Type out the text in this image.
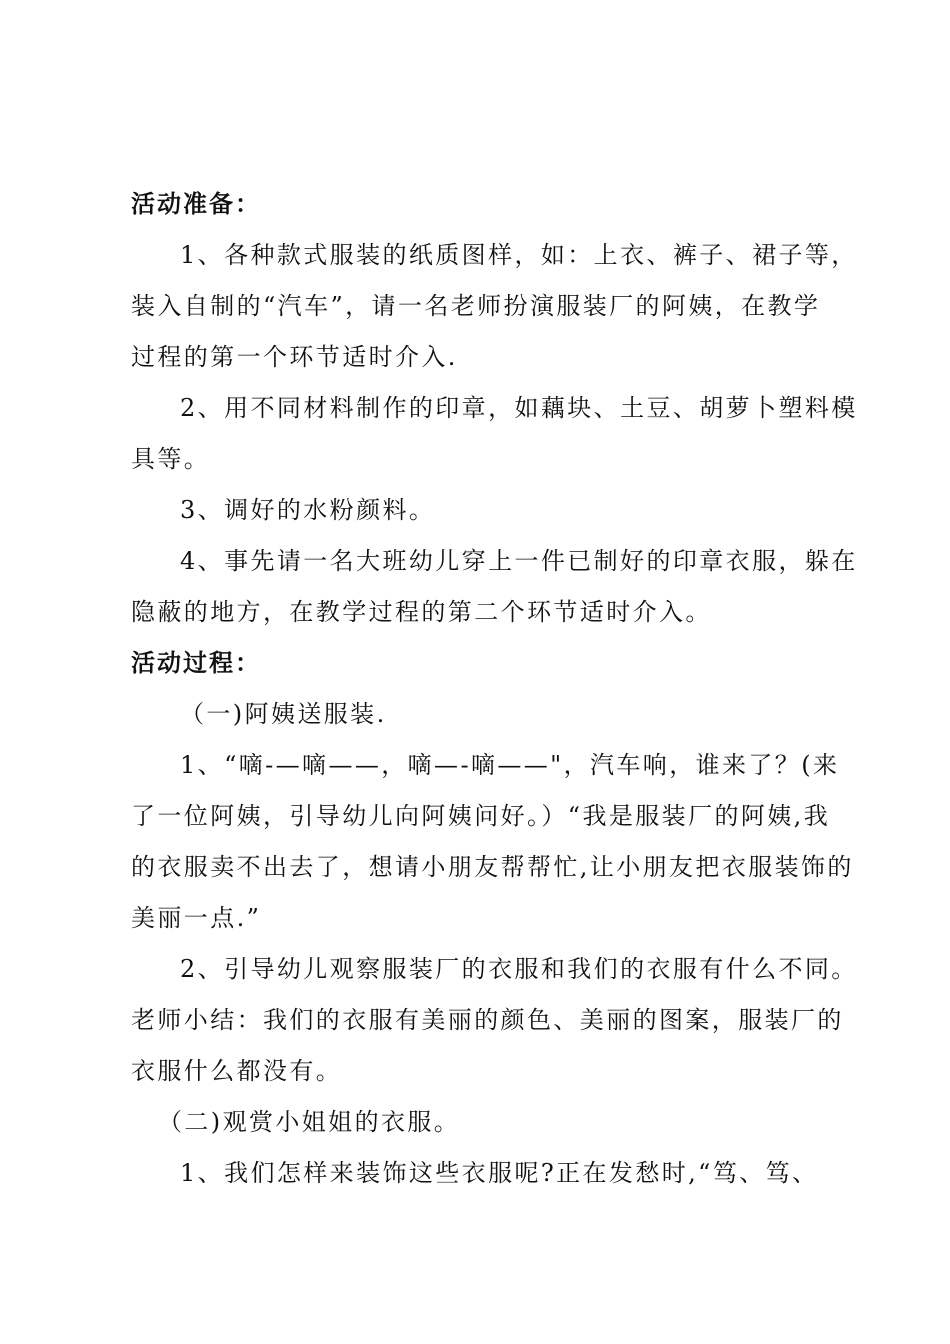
活动准备：
1、各种款式服装的纸质图样，如：上衣、裤子、裙子等，
装入自制的“汽车”，请一名老师扮演服装厂的阿姨，在教学
过程的第一个环节适时介入.
2、用不同材料制作的印章，如藕块、土豆、胡萝卜塑料模
具等。
3、调好的水粉颜料。
4、事先请一名大班幼儿穿上一件已制好的印章衣服，躲在
隐蔽的地方，在教学过程的第二个环节适时介入。
活动过程：
（一)阿姨送服装.
1、“嘀-—嘀——，嘀—-嘀——"，汽车响，谁来了？(来
了一位阿姨，引导幼儿向阿姨问好。）“我是服装厂的阿姨,我
的衣服卖不出去了，想请小朋友帮帮忙,让小朋友把衣服装饰的
美丽一点.”
2、引导幼儿观察服装厂的衣服和我们的衣服有什么不同。
老师小结：我们的衣服有美丽的颜色、美丽的图案，服装厂的
衣服什么都没有。
（二)观赏小姐姐的衣服。
1、我们怎样来装饰这些衣服呢?正在发愁时,“笃、笃、
